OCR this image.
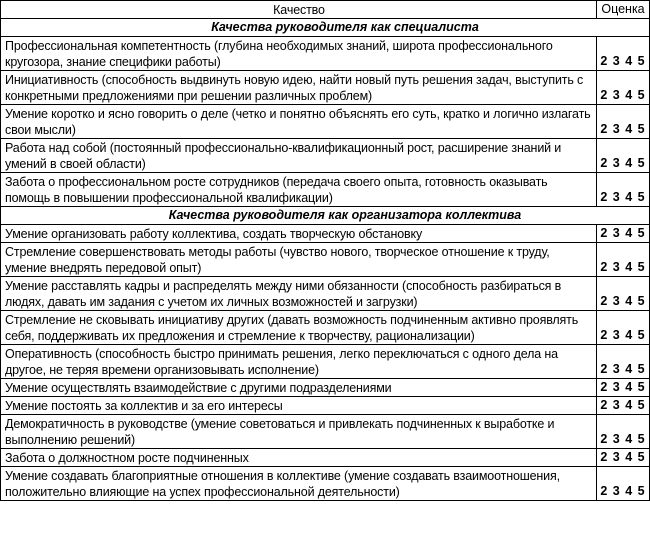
Качество	Оценка
Качества руководителя как специалиста
Профессиональная компетентность (глубина необходимых знаний, широта профессионального кругозора, знание специфики работы)	2 3 4 5
Инициативность (способность выдвинуть новую идею, найти новый путь решения задач, выступить с конкретными предложениями при решении различных проблем)	2 3 4 5
Умение коротко и ясно говорить о деле (четко и понятно объяснять его суть, кратко и логично излагать свои мысли)	2 3 4 5
Работа над собой (постоянный профессионально-квалификационный рост, расширение знаний и умений в своей области)	2 3 4 5
Забота о профессиональном росте сотрудников (передача своего опыта, готовность оказывать помощь в повышении профессиональной квалификации)	2 3 4 5
Качества руководителя как организатора коллектива
Умение организовать работу коллектива, создать творческую обстановку	2 3 4 5
Стремление совершенствовать методы работы (чувство нового, творческое отношение к труду, умение внедрять передовой опыт)	2 3 4 5
Умение расставлять кадры и распределять между ними обязанности (способность разбираться в людях, давать им задания с учетом их личных возможностей и загрузки)	2 3 4 5
Стремление не сковывать инициативу других (давать возможность подчиненным активно проявлять себя, поддерживать их предложения и стремление к творчеству, рационализации)	2 3 4 5
Оперативность (способность быстро принимать решения, легко переключаться с одного дела на другое, не теряя времени организовывать исполнение)	2 3 4 5
Умение осуществлять взаимодействие с другими подразделениями	2 3 4 5
Умение постоять за коллектив и за его интересы	2 3 4 5
Демократичность в руководстве (умение советоваться и привлекать подчиненных к выработке и выполнению решений)	2 3 4 5
Забота о должностном росте подчиненных	2 3 4 5
Умение создавать благоприятные отношения в коллективе (умение создавать взаимоотношения, положительно влияющие на успех профессиональной деятельности)	2 3 4 5
